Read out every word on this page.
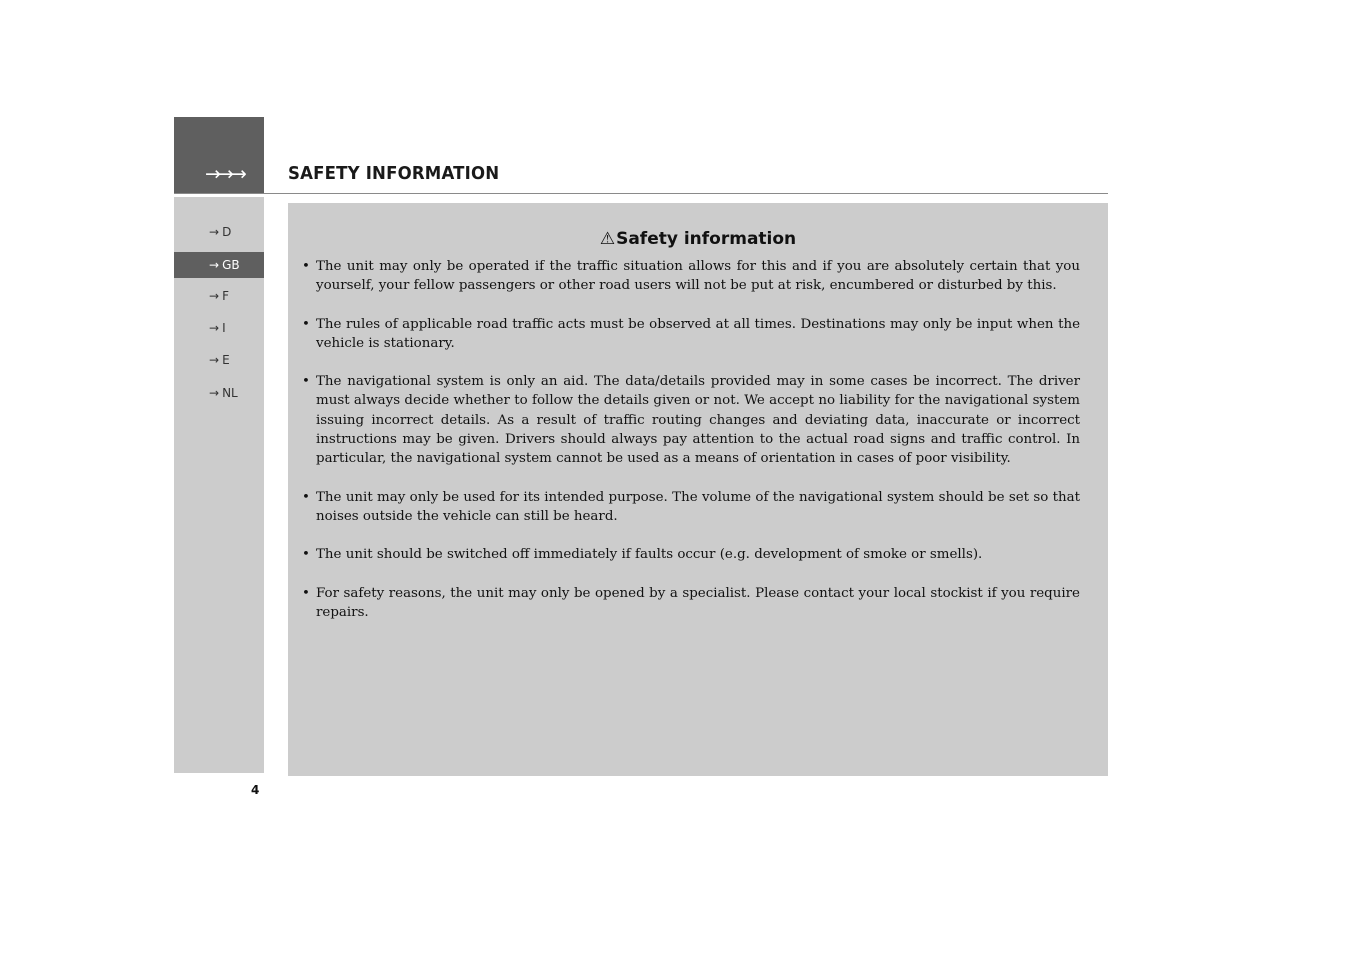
→→→ SAFETY INFORMATION
→ D
→ GB
→ F
→ I
→ E
→ NL
⚠Safety information
• The unit may only be operated if the traffic situation allows for this and if you are absolutely certain that you yourself, your fellow passengers or other road users will not be put at risk, encumbered or disturbed by this.
• The rules of applicable road traffic acts must be observed at all times. Destinations may only be input when the vehicle is stationary.
• The navigational system is only an aid. The data/details provided may in some cases be incorrect. The driver must always decide whether to follow the details given or not. We accept no liability for the navigational system issuing incorrect details. As a result of traffic routing changes and deviating data, inaccurate or incorrect instructions may be given. Drivers should always pay attention to the actual road signs and traffic control. In particular, the navigational system cannot be used as a means of orientation in cases of poor visibility.
• The unit may only be used for its intended purpose. The volume of the navigational system should be set so that noises outside the vehicle can still be heard.
• The unit should be switched off immediately if faults occur (e.g. development of smoke or smells).
• For safety reasons, the unit may only be opened by a specialist. Please contact your local stockist if you require repairs.
4
